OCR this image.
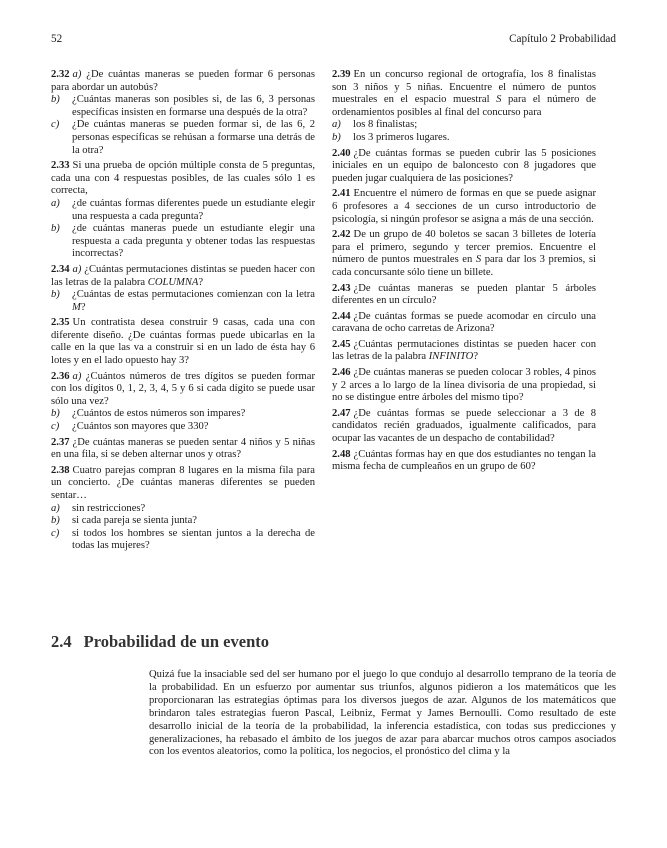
52	Capítulo 2 Probabilidad
2.32 a) ¿De cuántas maneras se pueden formar 6 personas para abordar un autobús?
b) ¿Cuántas maneras son posibles si, de las 6, 3 personas específicas insisten en formarse una después de la otra?
c) ¿De cuántas maneras se pueden formar si, de las 6, 2 personas específicas se rehúsan a formarse una detrás de la otra?
2.33 Si una prueba de opción múltiple consta de 5 preguntas, cada una con 4 respuestas posibles, de las cuales sólo 1 es correcta,
a) ¿de cuántas formas diferentes puede un estudiante elegir una respuesta a cada pregunta?
b) ¿de cuántas maneras puede un estudiante elegir una respuesta a cada pregunta y obtener todas las respuestas incorrectas?
2.34 a) ¿Cuántas permutaciones distintas se pueden hacer con las letras de la palabra COLUMNA?
b) ¿Cuántas de estas permutaciones comienzan con la letra M?
2.35 Un contratista desea construir 9 casas, cada una con diferente diseño. ¿De cuántas formas puede ubicarlas en la calle en la que las va a construir si en un lado de ésta hay 6 lotes y en el lado opuesto hay 3?
2.36 a) ¿Cuántos números de tres dígitos se pueden formar con los dígitos 0, 1, 2, 3, 4, 5 y 6 si cada dígito se puede usar sólo una vez?
b) ¿Cuántos de estos números son impares?
c) ¿Cuántos son mayores que 330?
2.37 ¿De cuántas maneras se pueden sentar 4 niños y 5 niñas en una fila, si se deben alternar unos y otras?
2.38 Cuatro parejas compran 8 lugares en la misma fila para un concierto. ¿De cuántas maneras diferentes se pueden sentar…
a) sin restricciones?
b) si cada pareja se sienta junta?
c) si todos los hombres se sientan juntos a la derecha de todas las mujeres?
2.39 En un concurso regional de ortografía, los 8 finalistas son 3 niños y 5 niñas. Encuentre el número de puntos muestrales en el espacio muestral S para el número de ordenamientos posibles al final del concurso para
a) los 8 finalistas;
b) los 3 primeros lugares.
2.40 ¿De cuántas formas se pueden cubrir las 5 posiciones iniciales en un equipo de baloncesto con 8 jugadores que pueden jugar cualquiera de las posiciones?
2.41 Encuentre el número de formas en que se puede asignar 6 profesores a 4 secciones de un curso introductorio de psicología, si ningún profesor se asigna a más de una sección.
2.42 De un grupo de 40 boletos se sacan 3 billetes de lotería para el primero, segundo y tercer premios. Encuentre el número de puntos muestrales en S para dar los 3 premios, si cada concursante sólo tiene un billete.
2.43 ¿De cuántas maneras se pueden plantar 5 árboles diferentes en un círculo?
2.44 ¿De cuántas formas se puede acomodar en círculo una caravana de ocho carretas de Arizona?
2.45 ¿Cuántas permutaciones distintas se pueden hacer con las letras de la palabra INFINITO?
2.46 ¿De cuántas maneras se pueden colocar 3 robles, 4 pinos y 2 arces a lo largo de la línea divisoria de una propiedad, si no se distingue entre árboles del mismo tipo?
2.47 ¿De cuántas formas se puede seleccionar a 3 de 8 candidatos recién graduados, igualmente calificados, para ocupar las vacantes de un despacho de contabilidad?
2.48 ¿Cuántas formas hay en que dos estudiantes no tengan la misma fecha de cumpleaños en un grupo de 60?
2.4 Probabilidad de un evento

Quizá fue la insaciable sed del ser humano por el juego lo que condujo al desarrollo temprano de la teoría de la probabilidad. En un esfuerzo por aumentar sus triunfos, algunos pidieron a los matemáticos que les proporcionaran las estrategias óptimas para los diversos juegos de azar. Algunos de los matemáticos que brindaron tales estrategias fueron Pascal, Leibniz, Fermat y James Bernoulli. Como resultado de este desarrollo inicial de la teoría de la probabilidad, la inferencia estadística, con todas sus predicciones y generalizaciones, ha rebasado el ámbito de los juegos de azar para abarcar muchos otros campos asociados con los eventos aleatorios, como la política, los negocios, el pronóstico del clima y la
